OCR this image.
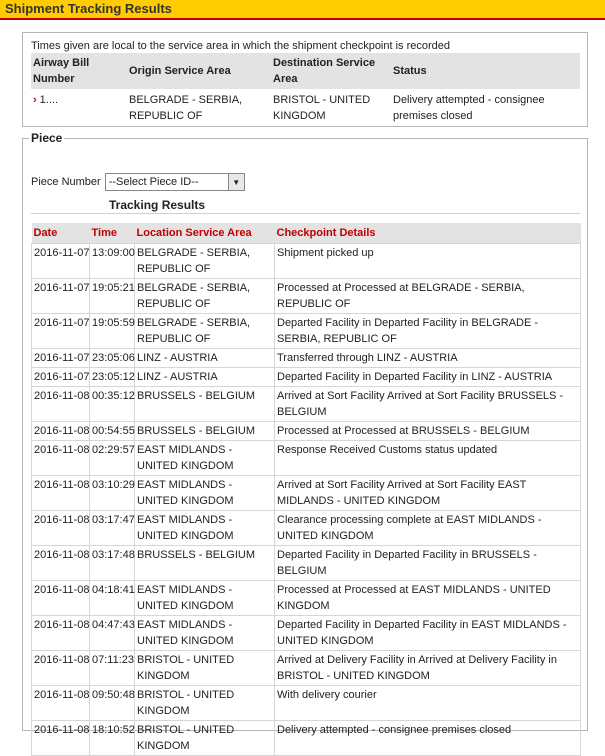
Shipment Tracking Results
Times given are local to the service area in which the shipment checkpoint is recorded
Airway Bill Number	Origin Service Area	Destination Service Area	Status
› 1....	BELGRADE - SERBIA, REPUBLIC OF	BRISTOL - UNITED KINGDOM	Delivery attempted - consignee premises closed
Piece
Piece Number --Select Piece ID--	▼
Tracking Results
Date	Time	Location Service Area	Checkpoint Details
2016-11-07	13:09:00	BELGRADE - SERBIA, REPUBLIC OF	Shipment picked up
2016-11-07	19:05:21	BELGRADE - SERBIA, REPUBLIC OF	Processed at Processed at BELGRADE - SERBIA, REPUBLIC OF
2016-11-07	19:05:59	BELGRADE - SERBIA, REPUBLIC OF	Departed Facility in Departed Facility in BELGRADE - SERBIA, REPUBLIC OF
2016-11-07	23:05:06	LINZ - AUSTRIA	Transferred through LINZ - AUSTRIA
2016-11-07	23:05:12	LINZ - AUSTRIA	Departed Facility in Departed Facility in LINZ - AUSTRIA
2016-11-08	00:35:12	BRUSSELS - BELGIUM	Arrived at Sort Facility Arrived at Sort Facility BRUSSELS - BELGIUM
2016-11-08	00:54:55	BRUSSELS - BELGIUM	Processed at Processed at BRUSSELS - BELGIUM
2016-11-08	02:29:57	EAST MIDLANDS - UNITED KINGDOM	Response Received Customs status updated
2016-11-08	03:10:29	EAST MIDLANDS - UNITED KINGDOM	Arrived at Sort Facility Arrived at Sort Facility EAST MIDLANDS - UNITED KINGDOM
2016-11-08	03:17:47	EAST MIDLANDS - UNITED KINGDOM	Clearance processing complete at EAST MIDLANDS - UNITED KINGDOM
2016-11-08	03:17:48	BRUSSELS - BELGIUM	Departed Facility in Departed Facility in BRUSSELS - BELGIUM
2016-11-08	04:18:41	EAST MIDLANDS - UNITED KINGDOM	Processed at Processed at EAST MIDLANDS - UNITED KINGDOM
2016-11-08	04:47:43	EAST MIDLANDS - UNITED KINGDOM	Departed Facility in Departed Facility in EAST MIDLANDS - UNITED KINGDOM
2016-11-08	07:11:23	BRISTOL - UNITED KINGDOM	Arrived at Delivery Facility in Arrived at Delivery Facility in BRISTOL - UNITED KINGDOM
2016-11-08	09:50:48	BRISTOL - UNITED KINGDOM	With delivery courier
2016-11-08	18:10:52	BRISTOL - UNITED KINGDOM	Delivery attempted - consignee premises closed
